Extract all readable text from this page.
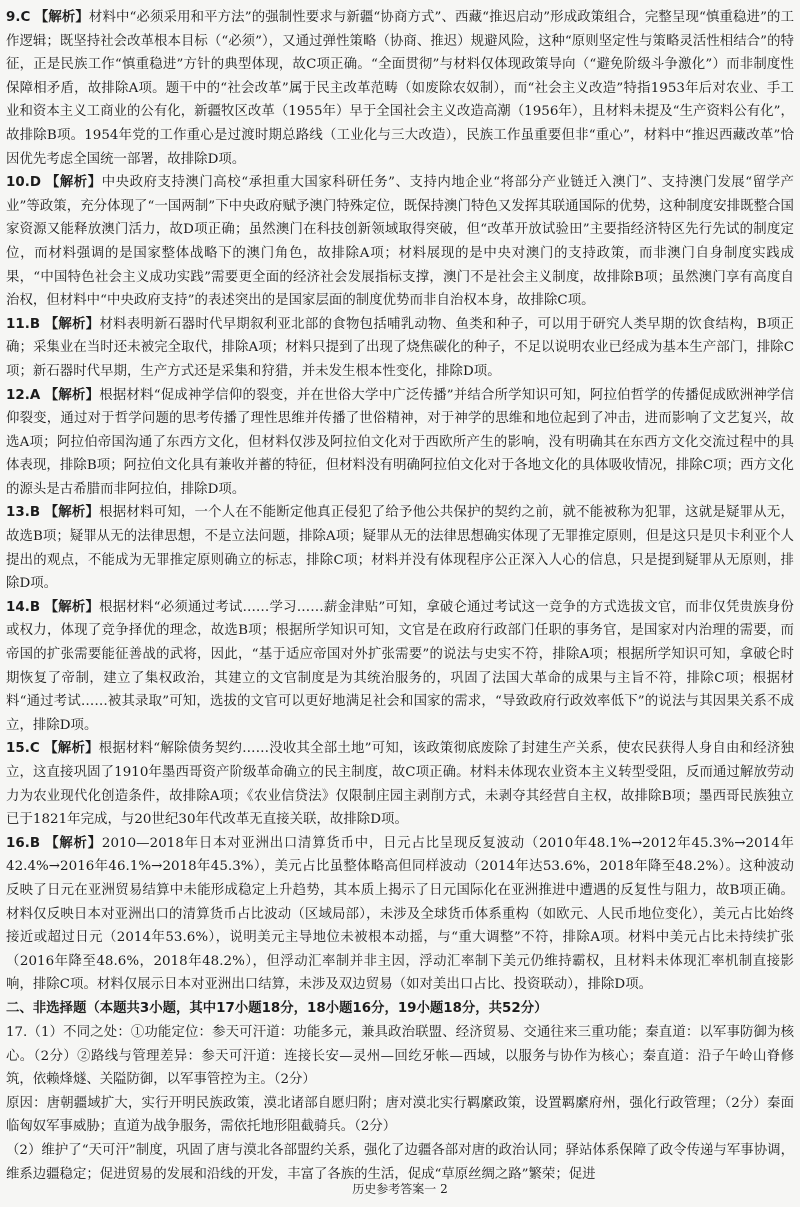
9.C 【解析】材料中“必须采用和平方法”的强制性要求与新疆“协商方式”、西藏“推迟启动”形成政策组合，完整呈现“慎重稳进”的工作逻辑；既坚持社会改革根本目标（“必须”），又通过弹性策略（协商、推迟）规避风险，这种“原则坚定性与策略灵活性相结合”的特征，正是民族工作“慎重稳进”方针的典型体现，故C项正确。“全面贯彻”与材料仅体现政策导向（“避免阶级斗争激化”）而非制度性保障相矛盾，故排除A项。题干中的“社会改革”属于民主改革范畴（如废除农奴制），而“社会主义改造”特指1953年后对农业、手工业和资本主义工商业的公有化，新疆牧区改革（1955年）早于全国社会主义改造高潮（1956年），且材料未提及“生产资料公有化”，故排除B项。1954年党的工作重心是过渡时期总路线（工业化与三大改造），民族工作虽重要但非“重心”，材料中“推迟西藏改革”恰因优先考虑全国统一部署，故排除D项。

10.D 【解析】中央政府支持澳门高校“承担重大国家科研任务”、支持内地企业“将部分产业链迁入澳门”、支持澳门发展“留学产业”等政策，充分体现了“一国两制”下中央政府赋予澳门特殊定位，既保持澳门特色又发挥其联通国际的优势，这种制度安排既整合国家资源又能释放澳门活力，故D项正确；虽然澳门在科技创新领域取得突破，但“改革开放试验田”主要指经济特区先行先试的制度定位，而材料强调的是国家整体战略下的澳门角色，故排除A项；材料展现的是中央对澳门的支持政策，而非澳门自身制度实践成果，“中国特色社会主义成功实践”需要更全面的经济社会发展指标支撑，澳门不是社会主义制度，故排除B项；虽然澳门享有高度自治权，但材料中“中央政府支持”的表述突出的是国家层面的制度优势而非自治权本身，故排除C项。

11.B 【解析】材料表明新石器时代早期叙利亚北部的食物包括哺乳动物、鱼类和种子，可以用于研究人类早期的饮食结构，B项正确；采集业在当时还未被完全取代，排除A项；材料只提到了出现了烧焦碳化的种子，不足以说明农业已经成为基本生产部门，排除C项；新石器时代早期，生产方式还是采集和狩猎，并未发生根本性变化，排除D项。

12.A 【解析】根据材料“促成神学信仰的裂变，并在世俗大学中广泛传播”并结合所学知识可知，阿拉伯哲学的传播促成欧洲神学信仰裂变，通过对于哲学问题的思考传播了理性思维并传播了世俗精神，对于神学的思维和地位起到了冲击，进而影响了文艺复兴，故选A项；阿拉伯帝国沟通了东西方文化，但材料仅涉及阿拉伯文化对于西欧所产生的影响，没有明确其在东西方文化交流过程中的具体表现，排除B项；阿拉伯文化具有兼收并蓄的特征，但材料没有明确阿拉伯文化对于各地文化的具体吸收情况，排除C项；西方文化的源头是古希腊而非阿拉伯，排除D项。

13.B 【解析】根据材料可知，一个人在不能断定他真正侵犯了给予他公共保护的契约之前，就不能被称为犯罪，这就是疑罪从无，故选B项；疑罪从无的法律思想，不是立法问题，排除A项；疑罪从无的法律思想确实体现了无罪推定原则，但是这只是贝卡利亚个人提出的观点，不能成为无罪推定原则确立的标志，排除C项；材料并没有体现程序公正深入人心的信息，只是提到疑罪从无原则，排除D项。

14.B 【解析】根据材料“必须通过考试……学习……薪金津贴”可知，拿破仑通过考试这一竞争的方式选拔文官，而非仅凭贵族身份或权力，体现了竞争择优的理念，故选B项；根据所学知识可知，文官是在政府行政部门任职的事务官，是国家对内治理的需要，而帝国的扩张需要能征善战的武将，因此，“基于适应帝国对外扩张需要”的说法与史实不符，排除A项；根据所学知识可知，拿破仑时期恢复了帝制，建立了集权政治，其建立的文官制度是为其统治服务的，巩固了法国大革命的成果与主旨不符，排除C项；根据材料“通过考试……被其录取”可知，选拔的文官可以更好地满足社会和国家的需求，“导致政府行政效率低下”的说法与其因果关系不成立，排除D项。

15.C 【解析】根据材料“解除债务契约……没收其全部土地”可知，该政策彻底废除了封建生产关系，使农民获得人身自由和经济独立，这直接巩固了1910年墨西哥资产阶级革命确立的民主制度，故C项正确。材料未体现农业资本主义转型受阻，反而通过解放劳动力为农业现代化创造条件，故排除A项；《农业信贷法》仅限制庄园主剥削方式，未剥夺其经营自主权，故排除B项；墨西哥民族独立已于1821年完成，与20世纪30年代改革无直接关联，故排除D项。

16.B 【解析】2010—2018年日本对亚洲出口清算货币中，日元占比呈现反复波动（2010年48.1%→2012年45.3%→2014年42.4%→2016年46.1%→2018年45.3%），美元占比虽整体略高但同样波动（2014年达53.6%，2018年降至48.2%）。这种波动反映了日元在亚洲贸易结算中未能形成稳定上升趋势，其本质上揭示了日元国际化在亚洲推进中遭遇的反复性与阻力，故B项正确。材料仅反映日本对亚洲出口的清算货币占比波动（区域局部），未涉及全球货币体系重构（如欧元、人民币地位变化），美元占比始终接近或超过日元（2014年53.6%），说明美元主导地位未被根本动摇，与“重大调整”不符，排除A项。材料中美元占比未持续扩张（2016年降至48.6%，2018年48.2%），但浮动汇率制并非主因，浮动汇率制下美元仍维持霸权，且材料未体现汇率机制直接影响，排除C项。材料仅展示日本对亚洲出口结算，未涉及双边贸易（如对美出口占比、投资联动），排除D项。

二、非选择题（本题共3小题，其中17小题18分，18小题16分，19小题18分，共52分）

17.（1）不同之处：①功能定位：参天可汗道：功能多元，兼具政治联盟、经济贸易、交通往来三重功能；秦直道：以军事防御为核心。（2分）②路线与管理差异：参天可汗道：连接长安—灵州—回纥牙帐—西域，以服务与协作为核心；秦直道：沿子午岭山脊修筑，依赖烽燧、关隘防御，以军事管控为主。（2分）

原因：唐朝疆域扩大，实行开明民族政策，漠北诸部自愿归附；唐对漠北实行羁縻政策，设置羁縻府州，强化行政管理；（2分）秦面临匈奴军事威胁；直道为战争服务，需依托地形阻截骑兵。（2分）

（2）维护了“天可汗”制度，巩固了唐与漠北各部盟约关系，强化了边疆各部对唐的政治认同；驿站体系保障了政令传递与军事协调，维系边疆稳定；促进贸易的发展和沿线的开发，丰富了各族的生活，促成“草原丝绸之路”繁荣；促进

历史参考答案一 2
